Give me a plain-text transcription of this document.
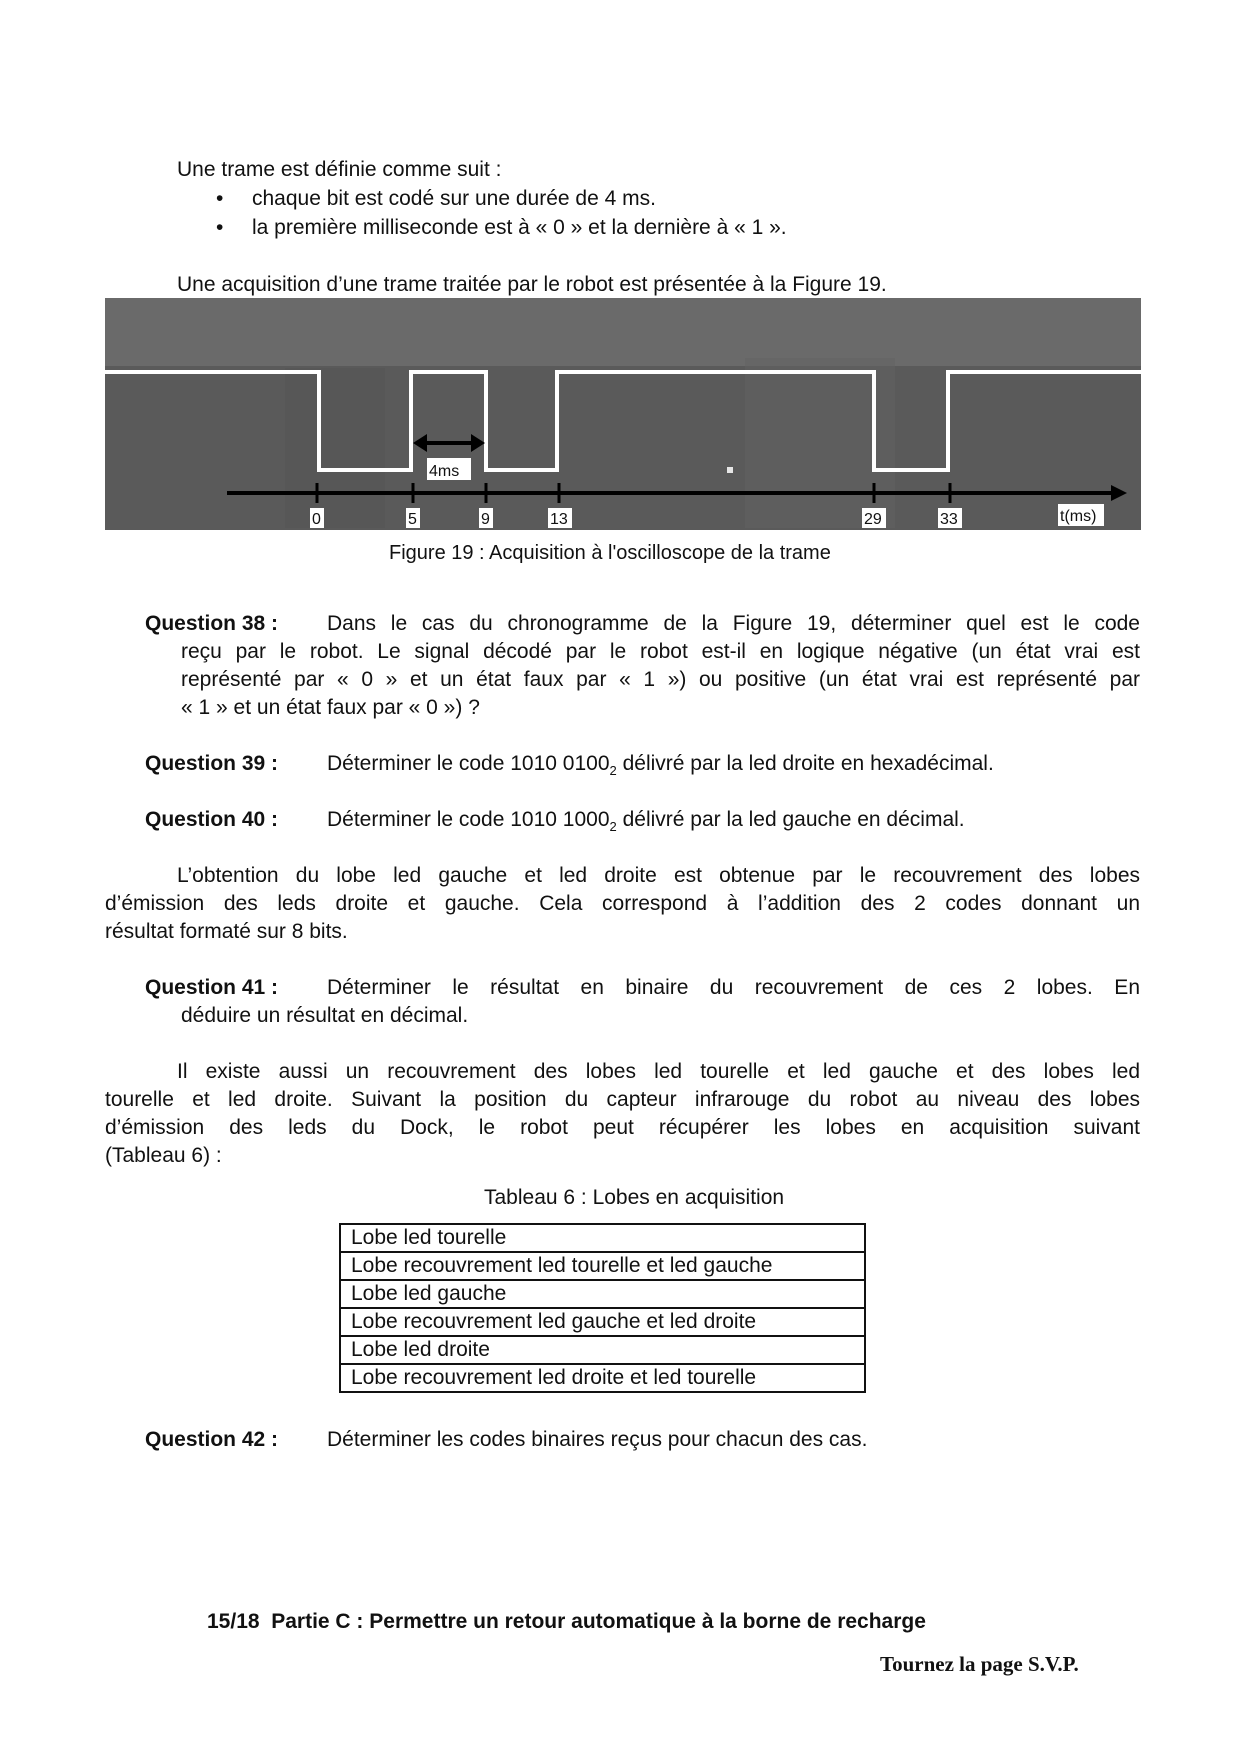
Une trame est définie comme suit :
• chaque bit est codé sur une durée de 4 ms.
• la première milliseconde est à « 0 » et la dernière à « 1 ».
Une acquisition d’une trame traitée par le robot est présentée à la Figure 19.
4ms
0	5	9	13	29	33	t(ms)
Figure 19 : Acquisition à l'oscilloscope de la trame
Question 38 : Dans le cas du chronogramme de la Figure 19, déterminer quel est le code
reçu par le robot. Le signal décodé par le robot est-il en logique négative (un état vrai est
représenté par « 0 » et un état faux par « 1 ») ou positive (un état vrai est représenté par
« 1 » et un état faux par « 0 ») ?
Question 39 : Déterminer le code 1010 $0100_2$ délivré par la led droite en hexadécimal.
Question 40 : Déterminer le code 1010 $1000_2$ délivré par la led gauche en décimal.
L’obtention du lobe led gauche et led droite est obtenue par le recouvrement des lobes
d’émission des leds droite et gauche. Cela correspond à l’addition des 2 codes donnant un
résultat formaté sur 8 bits.
Question 41 : Déterminer le résultat en binaire du recouvrement de ces 2 lobes. En
déduire un résultat en décimal.
Il existe aussi un recouvrement des lobes led tourelle et led gauche et des lobes led
tourelle et led droite. Suivant la position du capteur infrarouge du robot au niveau des lobes
d’émission des leds du Dock, le robot peut récupérer les lobes en acquisition suivant
(Tableau 6) :
Tableau 6 : Lobes en acquisition
Lobe led tourelle
Lobe recouvrement led tourelle et led gauche
Lobe led gauche
Lobe recouvrement led gauche et led droite
Lobe led droite
Lobe recouvrement led droite et led tourelle
Question 42 : Déterminer les codes binaires reçus pour chacun des cas.
15/18 Partie C : Permettre un retour automatique à la borne de recharge
Tournez la page S.V.P.
